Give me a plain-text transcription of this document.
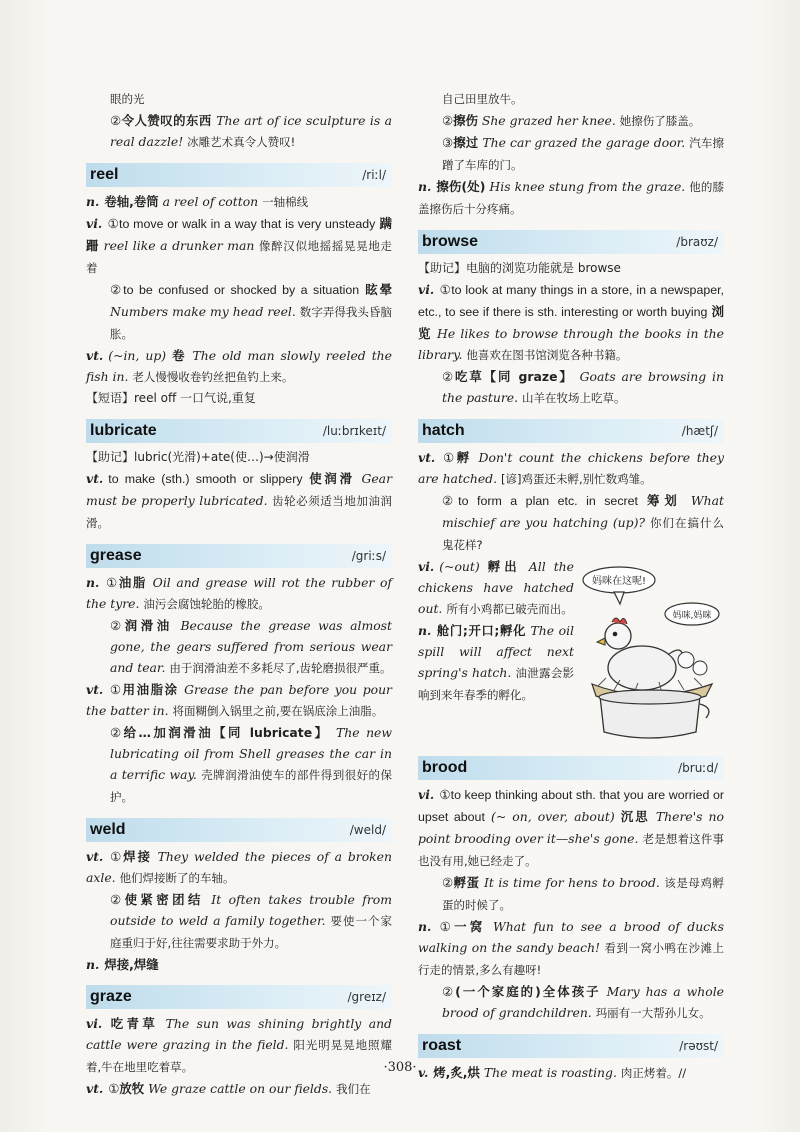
眼的光

②令人赞叹的东西 The art of ice sculpture is a real dazzle! 冰雕艺术真令人赞叹!

reel	/riːl/

n. 卷轴,卷筒 a reel of cotton 一轴棉线

vi. ①to move or walk in a way that is very unsteady 蹒跚 reel like a drunker man 像醉汉似地摇摇晃晃地走着

②to be confused or shocked by a situation 眩晕 Numbers make my head reel. 数字弄得我头昏脑胀。

vt. (~in, up) 卷 The old man slowly reeled the fish in. 老人慢慢收卷钓丝把鱼钓上来。

【短语】reel off 一口气说,重复

lubricate	/luːbrɪkeɪt/

【助记】lubric(光滑)+ate(使…)→使润滑

vt. to make (sth.) smooth or slippery 使润滑 Gear must be properly lubricated. 齿轮必须适当地加油润滑。

grease	/griːs/

n. ①油脂 Oil and grease will rot the rubber of the tyre. 油污会腐蚀轮胎的橡胶。

②润滑油 Because the grease was almost gone, the gears suffered from serious wear and tear. 由于润滑油差不多耗尽了,齿轮磨损很严重。

vt. ①用油脂涂 Grease the pan before you pour the batter in. 将面糊倒入锅里之前,要在锅底涂上油脂。

②给…加润滑油【同 lubricate】 The new lubricating oil from Shell greases the car in a terrific way. 壳牌润滑油使车的部件得到很好的保护。

weld	/weld/

vt. ①焊接 They welded the pieces of a broken axle. 他们焊接断了的车轴。

②使紧密团结 It often takes trouble from outside to weld a family together. 要使一个家庭重归于好,往往需要求助于外力。

n. 焊接,焊缝

graze	/greɪz/

vi. 吃青草 The sun was shining brightly and cattle were grazing in the field. 阳光明晃晃地照耀着,牛在地里吃着草。

vt. ①放牧 We graze cattle on our fields. 我们在

自己田里放牛。

②擦伤 She grazed her knee. 她擦伤了膝盖。

③擦过 The car grazed the garage door. 汽车擦蹭了车库的门。

n. 擦伤(处) His knee stung from the graze. 他的膝盖擦伤后十分疼痛。

browse	/braʊz/

【助记】电脑的浏览功能就是 browse

vi. ①to look at many things in a store, in a newspaper, etc., to see if there is sth. interesting or worth buying 浏览 He likes to browse through the books in the library. 他喜欢在图书馆浏览各种书籍。

②吃草【同 graze】 Goats are browsing in the pasture. 山羊在牧场上吃草。

hatch	/hætʃ/

vt. ①孵 Don't count the chickens before they are hatched. [谚]鸡蛋还未孵,别忙数鸡雏。

②to form a plan etc. in secret 筹划 What mischief are you hatching (up)? 你们在搞什么鬼花样?

vi. (~out) 孵出 All the chickens have hatched out. 所有小鸡都已破壳而出。

n. 舱门;开口;孵化 The oil spill will affect next spring's hatch. 油泄露会影响到来年春季的孵化。

妈咪在这呢!
妈咪,妈咪
brood	/bruːd/

vi. ①to keep thinking about sth. that you are worried or upset about (~ on, over, about) 沉思 There's no point brooding over it—she's gone. 老是想着这件事也没有用,她已经走了。

②孵蛋 It is time for hens to brood. 该是母鸡孵蛋的时候了。

n. ①一窝 What fun to see a brood of ducks walking on the sandy beach! 看到一窝小鸭在沙滩上行走的情景,多么有趣呀!

②(一个家庭的)全体孩子 Mary has a whole brood of grandchildren. 玛丽有一大帮孙儿女。

roast	/rəʊst/

v. 烤,炙,烘 The meat is roasting. 肉正烤着。//

·308·
